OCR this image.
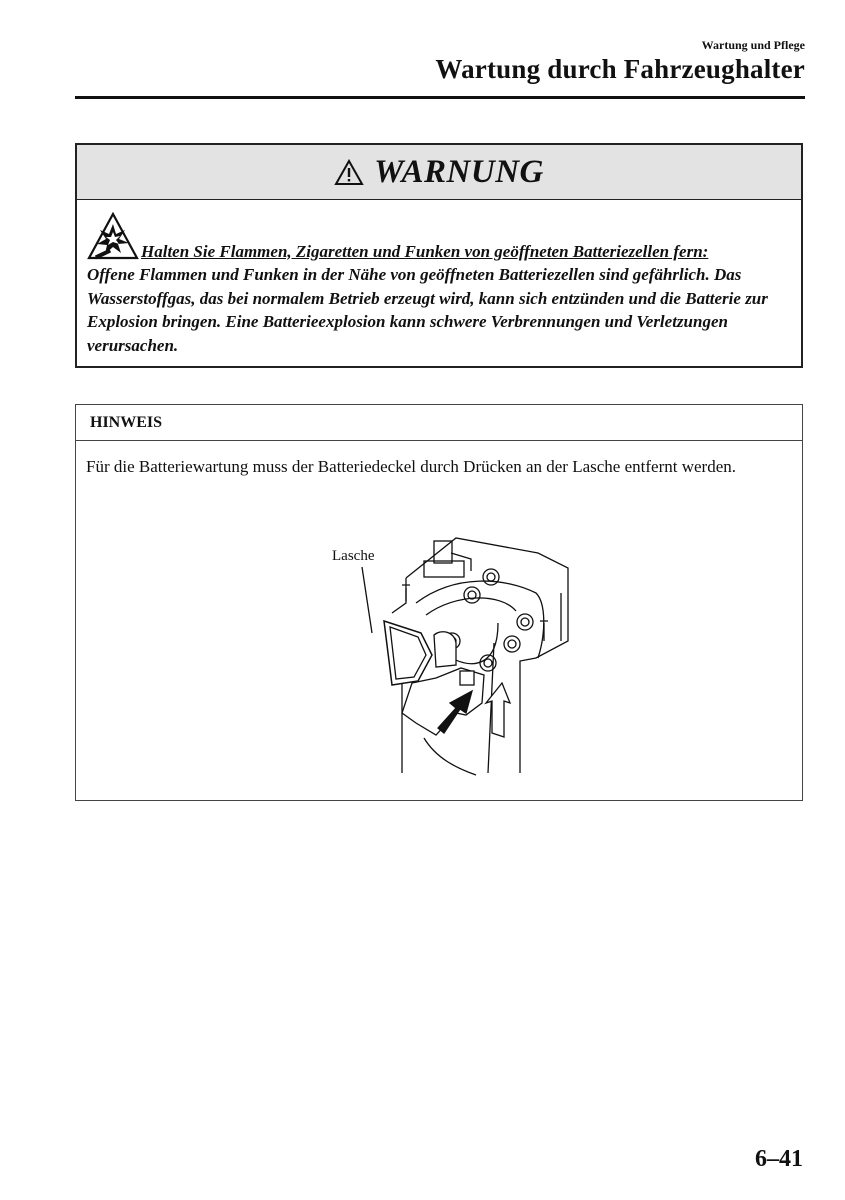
Wartung und Pflege
Wartung durch Fahrzeughalter
WARNUNG
Halten Sie Flammen, Zigaretten und Funken von geöffneten Batteriezellen fern:
Offene Flammen und Funken in der Nähe von geöffneten Batteriezellen sind gefährlich. Das Wasserstoffgas, das bei normalem Betrieb erzeugt wird, kann sich entzünden und die Batterie zur Explosion bringen. Eine Batterieexplosion kann schwere Verbrennungen und Verletzungen verursachen.
HINWEIS
Für die Batteriewartung muss der Batteriedeckel durch Drücken an der Lasche entfernt werden.
Lasche
6–41
